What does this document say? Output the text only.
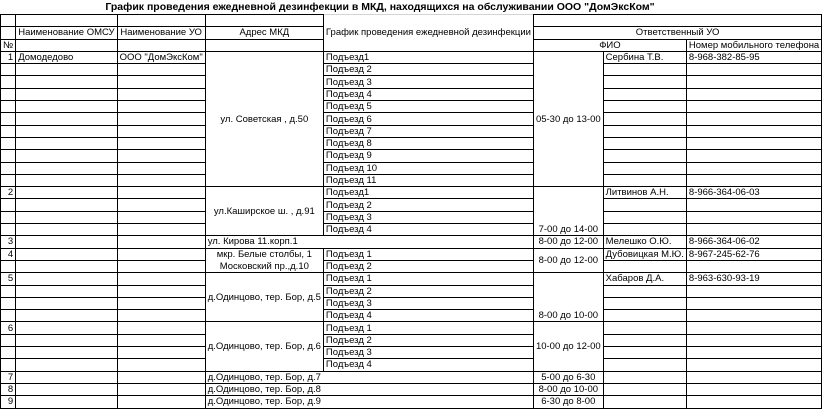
График проведения ежедневной дезинфекции в МКД, находящихся на обслуживании ООО "ДомЭксКом"
				График проведения ежедневной дезинфекции			
	Наименование ОМСУ	Наименование УО	Адрес МКД		Ответственный УО		
№					ФИО		Номер мобильного телефона
1	Домодедово	ООО "ДомЭксКом"	ул. Советская , д.50	Подъезд1	05-30 до 13-00	Сербина Т.В.	8-968-382-85-95
				Подъезд 2			
				Подъезд 3			
				Подъезд 4			
				Подъезд 5			
				Подъезд 6			
				Подъезд 7			
				Подъезд 8			
				Подъезд 9			
				Подъезд 10			
				Подъезд 11			
2			ул.Каширское ш. , д.91	Подъезд1	7-00 до 14-00	Литвинов А.Н.	8-966-364-06-03
				Подъезд 2			
				Подъезд 3			
				Подъезд 4			
3			ул. Кирова 11.корп.1		8-00 до 12-00	Мелешко О.Ю.	8-966-364-06-02
4			мкр. Белые столбы, 1	Подъезд 1	8-00 до 12-00	Дубовицкая М.Ю.	8-967-245-62-76
			Московский пр.,д.10	Подъезд 2			
5			д.Одинцово, тер. Бор, д.5	Подъезд 1	8-00 до 10-00	Хабаров Д.А.	8-963-630-93-19
				Подъезд 2			
				Подъезд 3			
				Подъезд 4			
6			д.Одинцово, тер. Бор, д.6	Подъезд 1	10-00 до 12-00		
				Подъезд 2			
				Подъезд 3			
				Подъезд 4			
7			д.Одинцово, тер. Бор, д.7		5-00 до 6-30		
8			д.Одинцово, тер. Бор, д.8		8-00 до 10-00		
9			д.Одинцово, тер. Бор, д.9		6-30 до 8-00		
